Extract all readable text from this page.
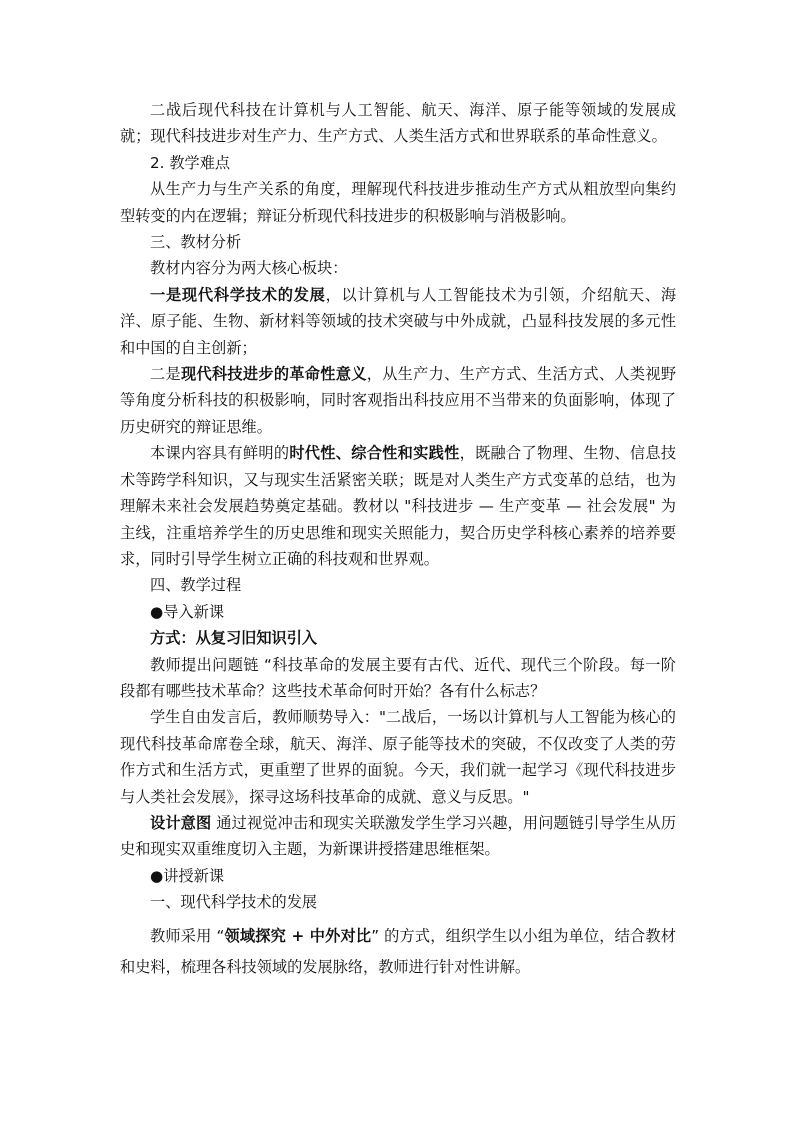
二战后现代科技在计算机与人工智能、航天、海洋、原子能等领域的发展成就；现代科技进步对生产力、生产方式、人类生活方式和世界联系的革命性意义。

2. 教学难点

从生产力与生产关系的角度，理解现代科技进步推动生产方式从粗放型向集约型转变的内在逻辑；辩证分析现代科技进步的积极影响与消极影响。

三、教材分析

教材内容分为两大核心板块：

一是现代科学技术的发展，以计算机与人工智能技术为引领，介绍航天、海洋、原子能、生物、新材料等领域的技术突破与中外成就，凸显科技发展的多元性和中国的自主创新；

二是现代科技进步的革命性意义，从生产力、生产方式、生活方式、人类视野等角度分析科技的积极影响，同时客观指出科技应用不当带来的负面影响，体现了历史研究的辩证思维。

本课内容具有鲜明的时代性、综合性和实践性，既融合了物理、生物、信息技术等跨学科知识，又与现实生活紧密关联；既是对人类生产方式变革的总结，也为理解未来社会发展趋势奠定基础。教材以 "科技进步 — 生产变革 — 社会发展" 为主线，注重培养学生的历史思维和现实关照能力，契合历史学科核心素养的培养要求，同时引导学生树立正确的科技观和世界观。

四、教学过程

●导入新课

方式：从复习旧知识引入

教师提出问题链 “科技革命的发展主要有古代、近代、现代三个阶段。每一阶段都有哪些技术革命？这些技术革命何时开始？各有什么标志？

学生自由发言后，教师顺势导入："二战后，一场以计算机与人工智能为核心的现代科技革命席卷全球，航天、海洋、原子能等技术的突破，不仅改变了人类的劳作方式和生活方式，更重塑了世界的面貌。今天，我们就一起学习《现代科技进步与人类社会发展》，探寻这场科技革命的成就、意义与反思。"

设计意图 通过视觉冲击和现实关联激发学生学习兴趣，用问题链引导学生从历史和现实双重维度切入主题，为新课讲授搭建思维框架。

●讲授新课

一、现代科学技术的发展

教师采用 “领域探究 + 中外对比” 的方式，组织学生以小组为单位，结合教材和史料，梳理各科技领域的发展脉络，教师进行针对性讲解。
